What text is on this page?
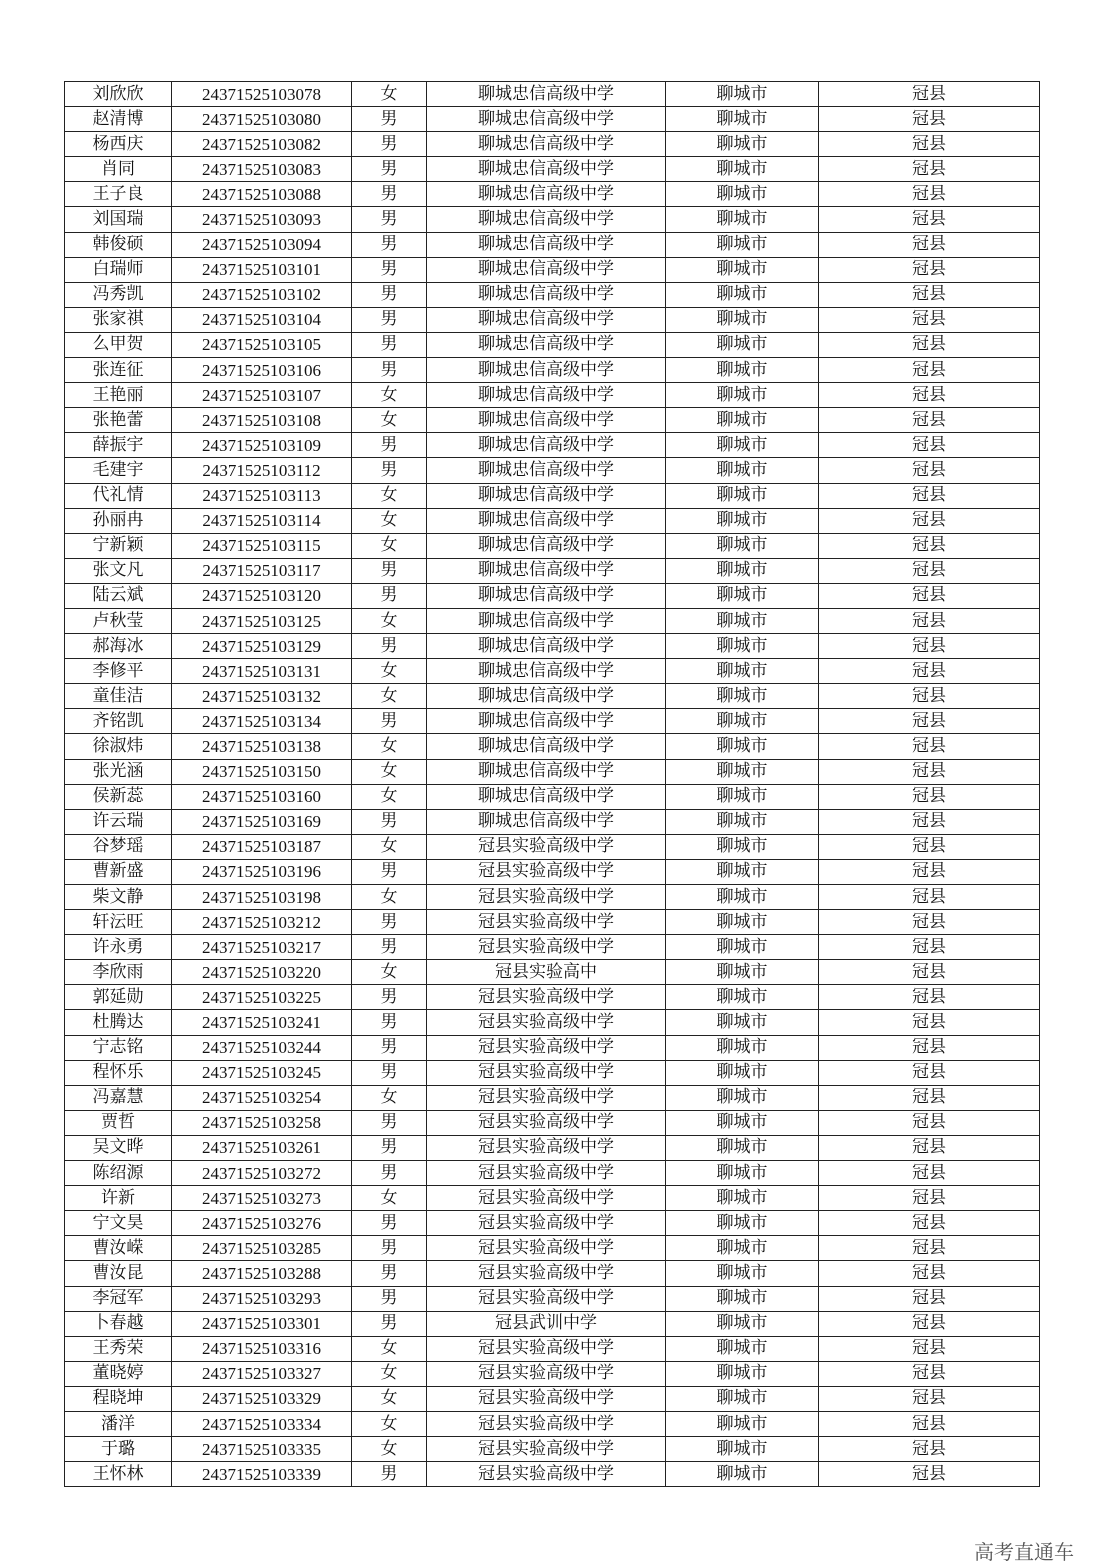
刘欣欣	24371525103078	女	聊城忠信高级中学	聊城市	冠县
赵清博	24371525103080	男	聊城忠信高级中学	聊城市	冠县
杨西庆	24371525103082	男	聊城忠信高级中学	聊城市	冠县
肖同	24371525103083	男	聊城忠信高级中学	聊城市	冠县
王子良	24371525103088	男	聊城忠信高级中学	聊城市	冠县
刘国瑞	24371525103093	男	聊城忠信高级中学	聊城市	冠县
韩俊硕	24371525103094	男	聊城忠信高级中学	聊城市	冠县
白瑞师	24371525103101	男	聊城忠信高级中学	聊城市	冠县
冯秀凯	24371525103102	男	聊城忠信高级中学	聊城市	冠县
张家祺	24371525103104	男	聊城忠信高级中学	聊城市	冠县
么甲贺	24371525103105	男	聊城忠信高级中学	聊城市	冠县
张连征	24371525103106	男	聊城忠信高级中学	聊城市	冠县
王艳丽	24371525103107	女	聊城忠信高级中学	聊城市	冠县
张艳蕾	24371525103108	女	聊城忠信高级中学	聊城市	冠县
薛振宇	24371525103109	男	聊城忠信高级中学	聊城市	冠县
毛建宇	24371525103112	男	聊城忠信高级中学	聊城市	冠县
代礼情	24371525103113	女	聊城忠信高级中学	聊城市	冠县
孙丽冉	24371525103114	女	聊城忠信高级中学	聊城市	冠县
宁新颖	24371525103115	女	聊城忠信高级中学	聊城市	冠县
张文凡	24371525103117	男	聊城忠信高级中学	聊城市	冠县
陆云斌	24371525103120	男	聊城忠信高级中学	聊城市	冠县
卢秋莹	24371525103125	女	聊城忠信高级中学	聊城市	冠县
郝海冰	24371525103129	男	聊城忠信高级中学	聊城市	冠县
李修平	24371525103131	女	聊城忠信高级中学	聊城市	冠县
童佳洁	24371525103132	女	聊城忠信高级中学	聊城市	冠县
齐铭凯	24371525103134	男	聊城忠信高级中学	聊城市	冠县
徐淑炜	24371525103138	女	聊城忠信高级中学	聊城市	冠县
张光涵	24371525103150	女	聊城忠信高级中学	聊城市	冠县
侯新蕊	24371525103160	女	聊城忠信高级中学	聊城市	冠县
许云瑞	24371525103169	男	聊城忠信高级中学	聊城市	冠县
谷梦瑶	24371525103187	女	冠县实验高级中学	聊城市	冠县
曹新盛	24371525103196	男	冠县实验高级中学	聊城市	冠县
柴文静	24371525103198	女	冠县实验高级中学	聊城市	冠县
轩沄旺	24371525103212	男	冠县实验高级中学	聊城市	冠县
许永勇	24371525103217	男	冠县实验高级中学	聊城市	冠县
李欣雨	24371525103220	女	冠县实验高中	聊城市	冠县
郭延勋	24371525103225	男	冠县实验高级中学	聊城市	冠县
杜腾达	24371525103241	男	冠县实验高级中学	聊城市	冠县
宁志铭	24371525103244	男	冠县实验高级中学	聊城市	冠县
程怀乐	24371525103245	男	冠县实验高级中学	聊城市	冠县
冯嘉慧	24371525103254	女	冠县实验高级中学	聊城市	冠县
贾哲	24371525103258	男	冠县实验高级中学	聊城市	冠县
吴文晔	24371525103261	男	冠县实验高级中学	聊城市	冠县
陈绍源	24371525103272	男	冠县实验高级中学	聊城市	冠县
许新	24371525103273	女	冠县实验高级中学	聊城市	冠县
宁文昊	24371525103276	男	冠县实验高级中学	聊城市	冠县
曹汝嵘	24371525103285	男	冠县实验高级中学	聊城市	冠县
曹汝昆	24371525103288	男	冠县实验高级中学	聊城市	冠县
李冠军	24371525103293	男	冠县实验高级中学	聊城市	冠县
卜春越	24371525103301	男	冠县武训中学	聊城市	冠县
王秀荣	24371525103316	女	冠县实验高级中学	聊城市	冠县
董晓婷	24371525103327	女	冠县实验高级中学	聊城市	冠县
程晓坤	24371525103329	女	冠县实验高级中学	聊城市	冠县
潘洋	24371525103334	女	冠县实验高级中学	聊城市	冠县
于璐	24371525103335	女	冠县实验高级中学	聊城市	冠县
王怀林	24371525103339	男	冠县实验高级中学	聊城市	冠县
高考直通车
